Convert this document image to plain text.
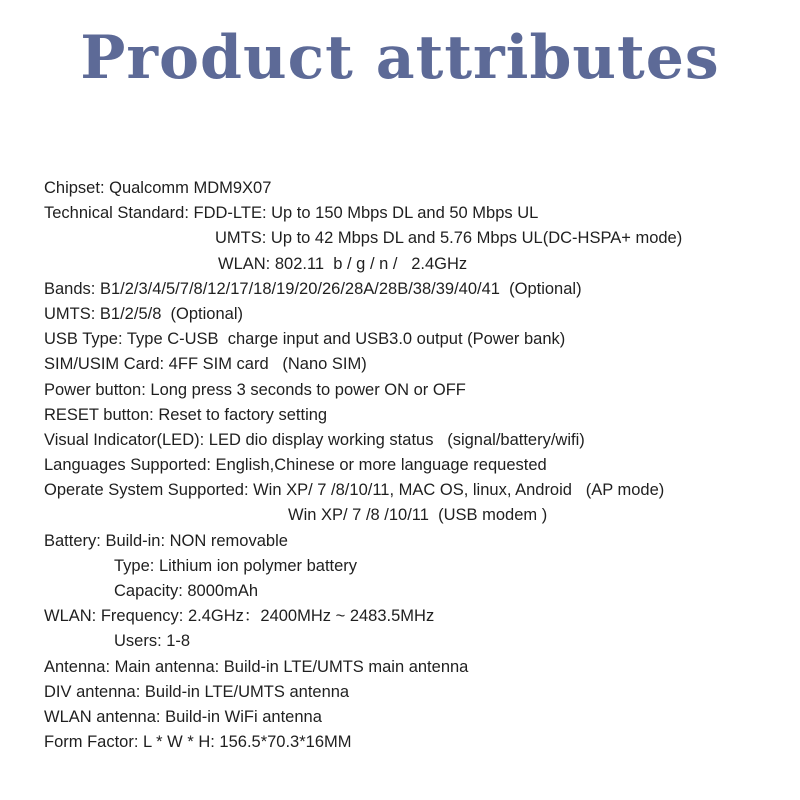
Product attributes
Chipset: Qualcomm MDM9X07
Technical Standard: FDD-LTE: Up to 150 Mbps DL and 50 Mbps UL
UMTS: Up to 42 Mbps DL and 5.76 Mbps UL(DC-HSPA+ mode)
WLAN: 802.11  b / g / n /   2.4GHz
Bands: B1/2/3/4/5/7/8/12/17/18/19/20/26/28A/28B/38/39/40/41  (Optional)
UMTS: B1/2/5/8  (Optional)
USB Type: Type C-USB  charge input and USB3.0 output (Power bank)
SIM/USIM Card: 4FF SIM card   (Nano SIM)
Power button: Long press 3 seconds to power ON or OFF
RESET button: Reset to factory setting
Visual Indicator(LED): LED dio display working status   (signal/battery/wifi)
Languages Supported: English,Chinese or more language requested
Operate System Supported: Win XP/ 7 /8/10/11, MAC OS, linux, Android   (AP mode)
Win XP/ 7 /8 /10/11  (USB modem )
Battery: Build-in: NON removable
Type: Lithium ion polymer battery
Capacity: 8000mAh
WLAN: Frequency: 2.4GHz：2400MHz ~ 2483.5MHz
Users: 1-8
Antenna: Main antenna: Build-in LTE/UMTS main antenna
DIV antenna: Build-in LTE/UMTS antenna
WLAN antenna: Build-in WiFi antenna
Form Factor: L * W * H: 156.5*70.3*16MM
